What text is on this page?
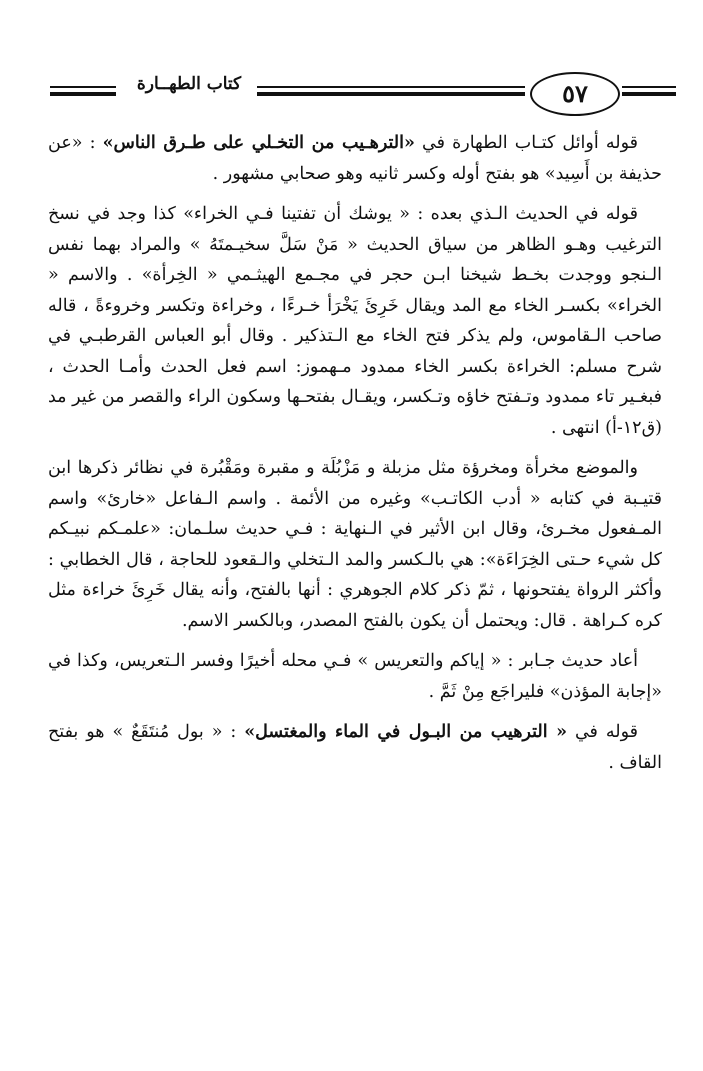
كتاب الطهــارة	٥٧

قوله أوائل كتـاب الطهارة في «الترهـيب من التخـلي على طـرق الناس» : «عن حذيفة بن أَسِيد» هو بفتح أوله وكسر ثانيه وهو صحابي مشهور .

قوله في الحديث الـذي بعده : « يوشك أن تفتينا فـي الخراء» كذا وجد في نسخ الترغيب وهـو الظاهر من سياق الحديث « مَنْ سَلَّ سخيـمتَهُ » والمراد بهما نفس الـنجو ووجدت بخـط شيخنا ابـن حجر في مجـمع الهيثـمي « الخِرأة» . والاسم « الخراء» بكسـر الخاء مع المد ويقال خَرِئَ يَخْرَأ خـرءًا ، وخراءة وتكسر وخروءةً ، قاله صاحب الـقاموس، ولم يذكر فتح الخاء مع الـتذكير . وقال أبو العباس القرطبـي في شرح مسلم: الخراءة بكسر الخاء ممدود مـهموز: اسم فعل الحدث وأمـا الحدث ، فبغـير تاء ممدود وتـفتح خاؤه وتـكسر، ويقـال بفتحـها وسكون الراء والقصر من غير مد (ق١٢-أ) انتهى .

والموضع مخرأة ومخرؤة مثل مزبلة و مَزْبُلَة و مقبرة ومَقْبُرة في نظائر ذكرها ابن قتيـبة في كتابه « أدب الكاتـب» وغيره من الأئمة . واسم الـفاعل «خارئ» واسم المـفعول مخـرئ، وقال ابن الأثير في الـنهاية : فـي حديث سلـمان: «علمـكم نبيـكم كل شيء حـتى الخِرَاءَة»: هي بالـكسر والمد الـتخلي والـقعود للحاجة ، قال الخطابي : وأكثر الرواة يفتحونها ، ثمّ ذكر كلام الجوهري : أنها بالفتح، وأنه يقال خَرِئَ خراءة مثل كره كـراهة . قال: ويحتمل أن يكون بالفتح المصدر، وبالكسر الاسم.

أعاد حديث جـابر : « إياكم والتعريس » فـي محله أخيرًا وفسر الـتعريس، وكذا في «إجابة المؤذن» فليراجَع مِنْ ثَمَّ .

قوله في « الترهيب من البـول في الماء والمغتسل» : « بول مُنتَقَعٌ » هو بفتح القاف .
